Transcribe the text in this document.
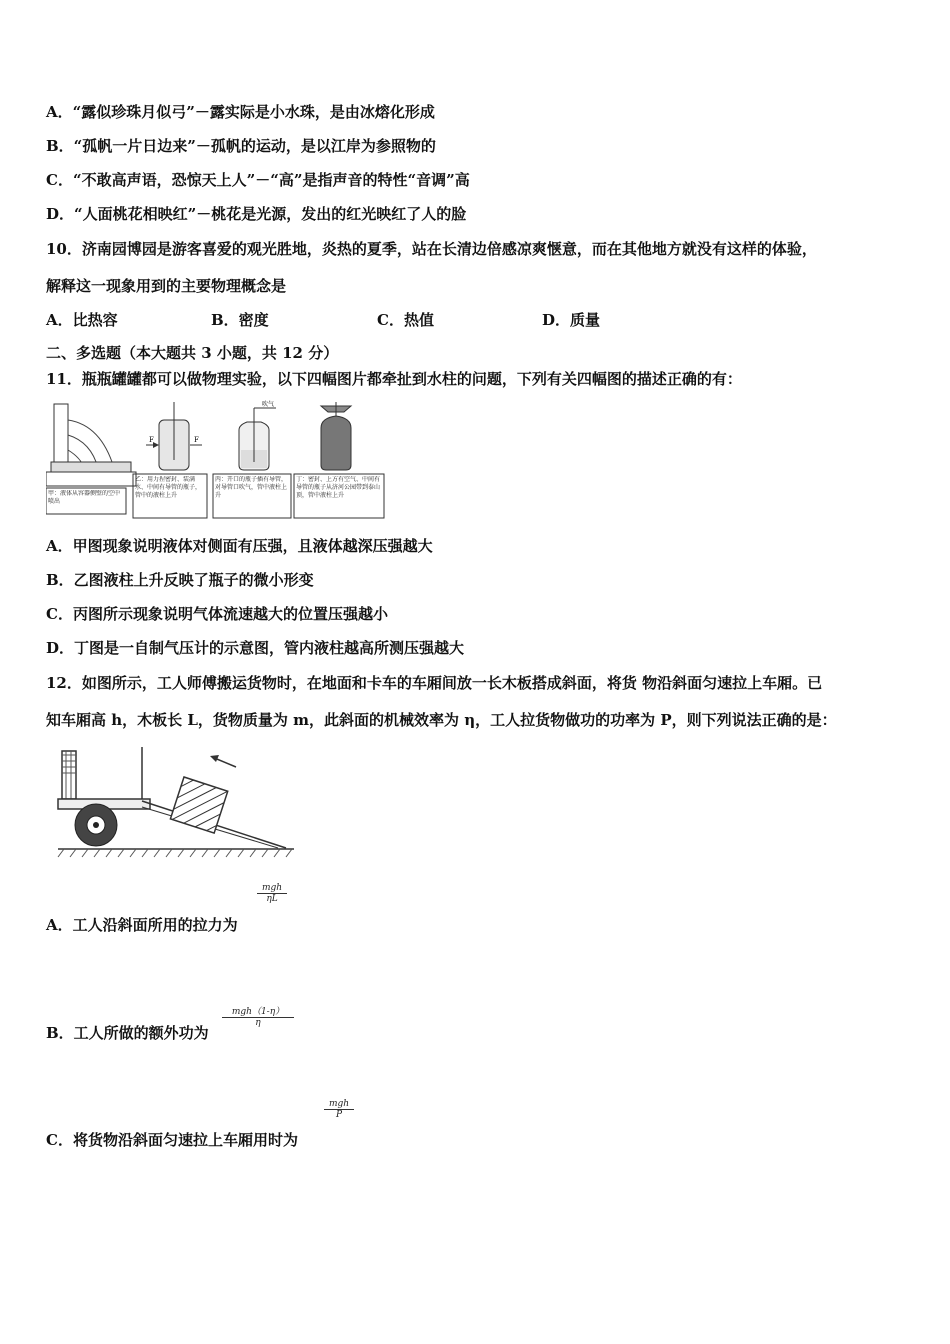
A．“露似珍珠月似弓”－露实际是小水珠，是由冰熔化形成
B．“孤帆一片日边来”－孤帆的运动，是以江岸为参照物的
C．“不敢高声语，恐惊天上人”－“高”是指声音的特性“音调”高
D．“人面桃花相映红”－桃花是光源，发出的红光映红了人的脸
10．济南园博园是游客喜爱的观光胜地，炎热的夏季，站在长清边倍感凉爽惬意，而在其他地方就没有这样的体验，
解释这一现象用到的主要物理概念是
A．比热容	B．密度	C．热值	D．质量
二、多选题（本大题共 3 小题，共 12 分）
11．瓶瓶罐罐都可以做物理实验，以下四幅图片都牵扯到水柱的问题，下列有关四幅图的描述正确的有：
F	F
吹气
甲：液体从容器侧壁的空中喷出
乙：用力捏密封、装满水、中间有导管的瓶子，管中的液柱上升
丙：开口的瓶子插有导管，对导管口吹气，管中液柱上升
丁：密封、上方有空气、中间有导管的瓶子从济河公园带到泰山顶，管中液柱上升
A．甲图现象说明液体对侧面有压强，且液体越深压强越大
B．乙图液柱上升反映了瓶子的微小形变
C．丙图所示现象说明气体流速越大的位置压强越小
D．丁图是一自制气压计的示意图，管内液柱越高所测压强越大
12．如图所示，工人师傅搬运货物时，在地面和卡车的车厢间放一长木板搭成斜面，将货 物沿斜面匀速拉上车厢。已
知车厢高 h，木板长 L，货物质量为 m，此斜面的机械效率为 η，工人拉货物做功的功率为 P，则下列说法正确的是：
mgh
ηL
A．工人沿斜面所用的拉力为
mgh（1-η）
η
B．工人所做的额外功为
mgh
P
C．将货物沿斜面匀速拉上车厢用时为
